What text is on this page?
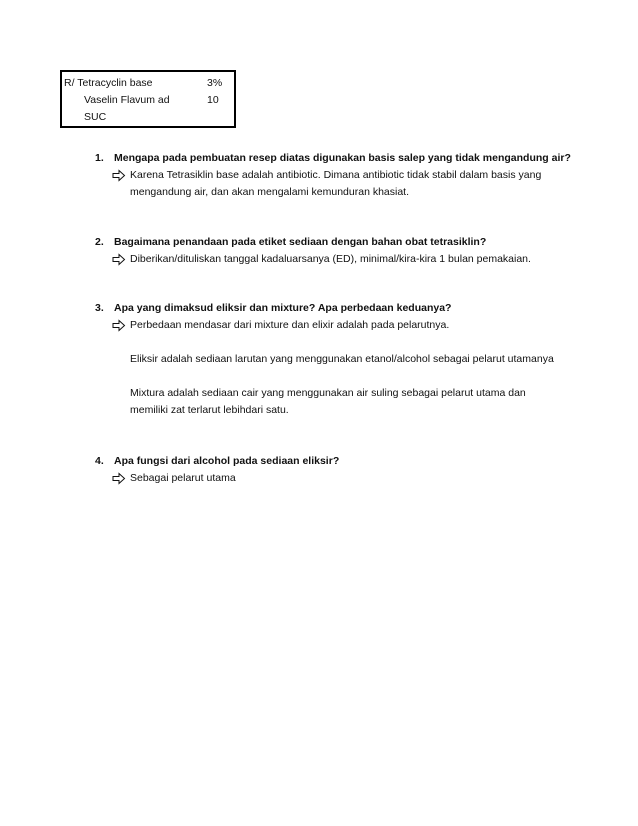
R/ Tetracyclin base	3%
Vaselin Flavum ad	10
SUC
1. Mengapa pada pembuatan resep diatas digunakan basis salep yang tidak mengandung air?

Karena Tetrasiklin base adalah antibiotic. Dimana antibiotic tidak stabil dalam basis yang

mengandung air, dan akan mengalami kemunduran khasiat.

2. Bagaimana penandaan pada etiket sediaan dengan bahan obat tetrasiklin?

Diberikan/dituliskan tanggal kadaluarsanya (ED), minimal/kira-kira 1 bulan pemakaian.

3. Apa yang dimaksud eliksir dan mixture? Apa perbedaan keduanya?

Perbedaan mendasar dari mixture dan elixir adalah pada pelarutnya.

Eliksir adalah sediaan larutan yang menggunakan etanol/alcohol sebagai pelarut utamanya

Mixtura adalah sediaan cair yang menggunakan air suling sebagai pelarut utama dan

memiliki zat terlarut lebihdari satu.

4. Apa fungsi dari alcohol pada sediaan eliksir?

Sebagai pelarut utama
